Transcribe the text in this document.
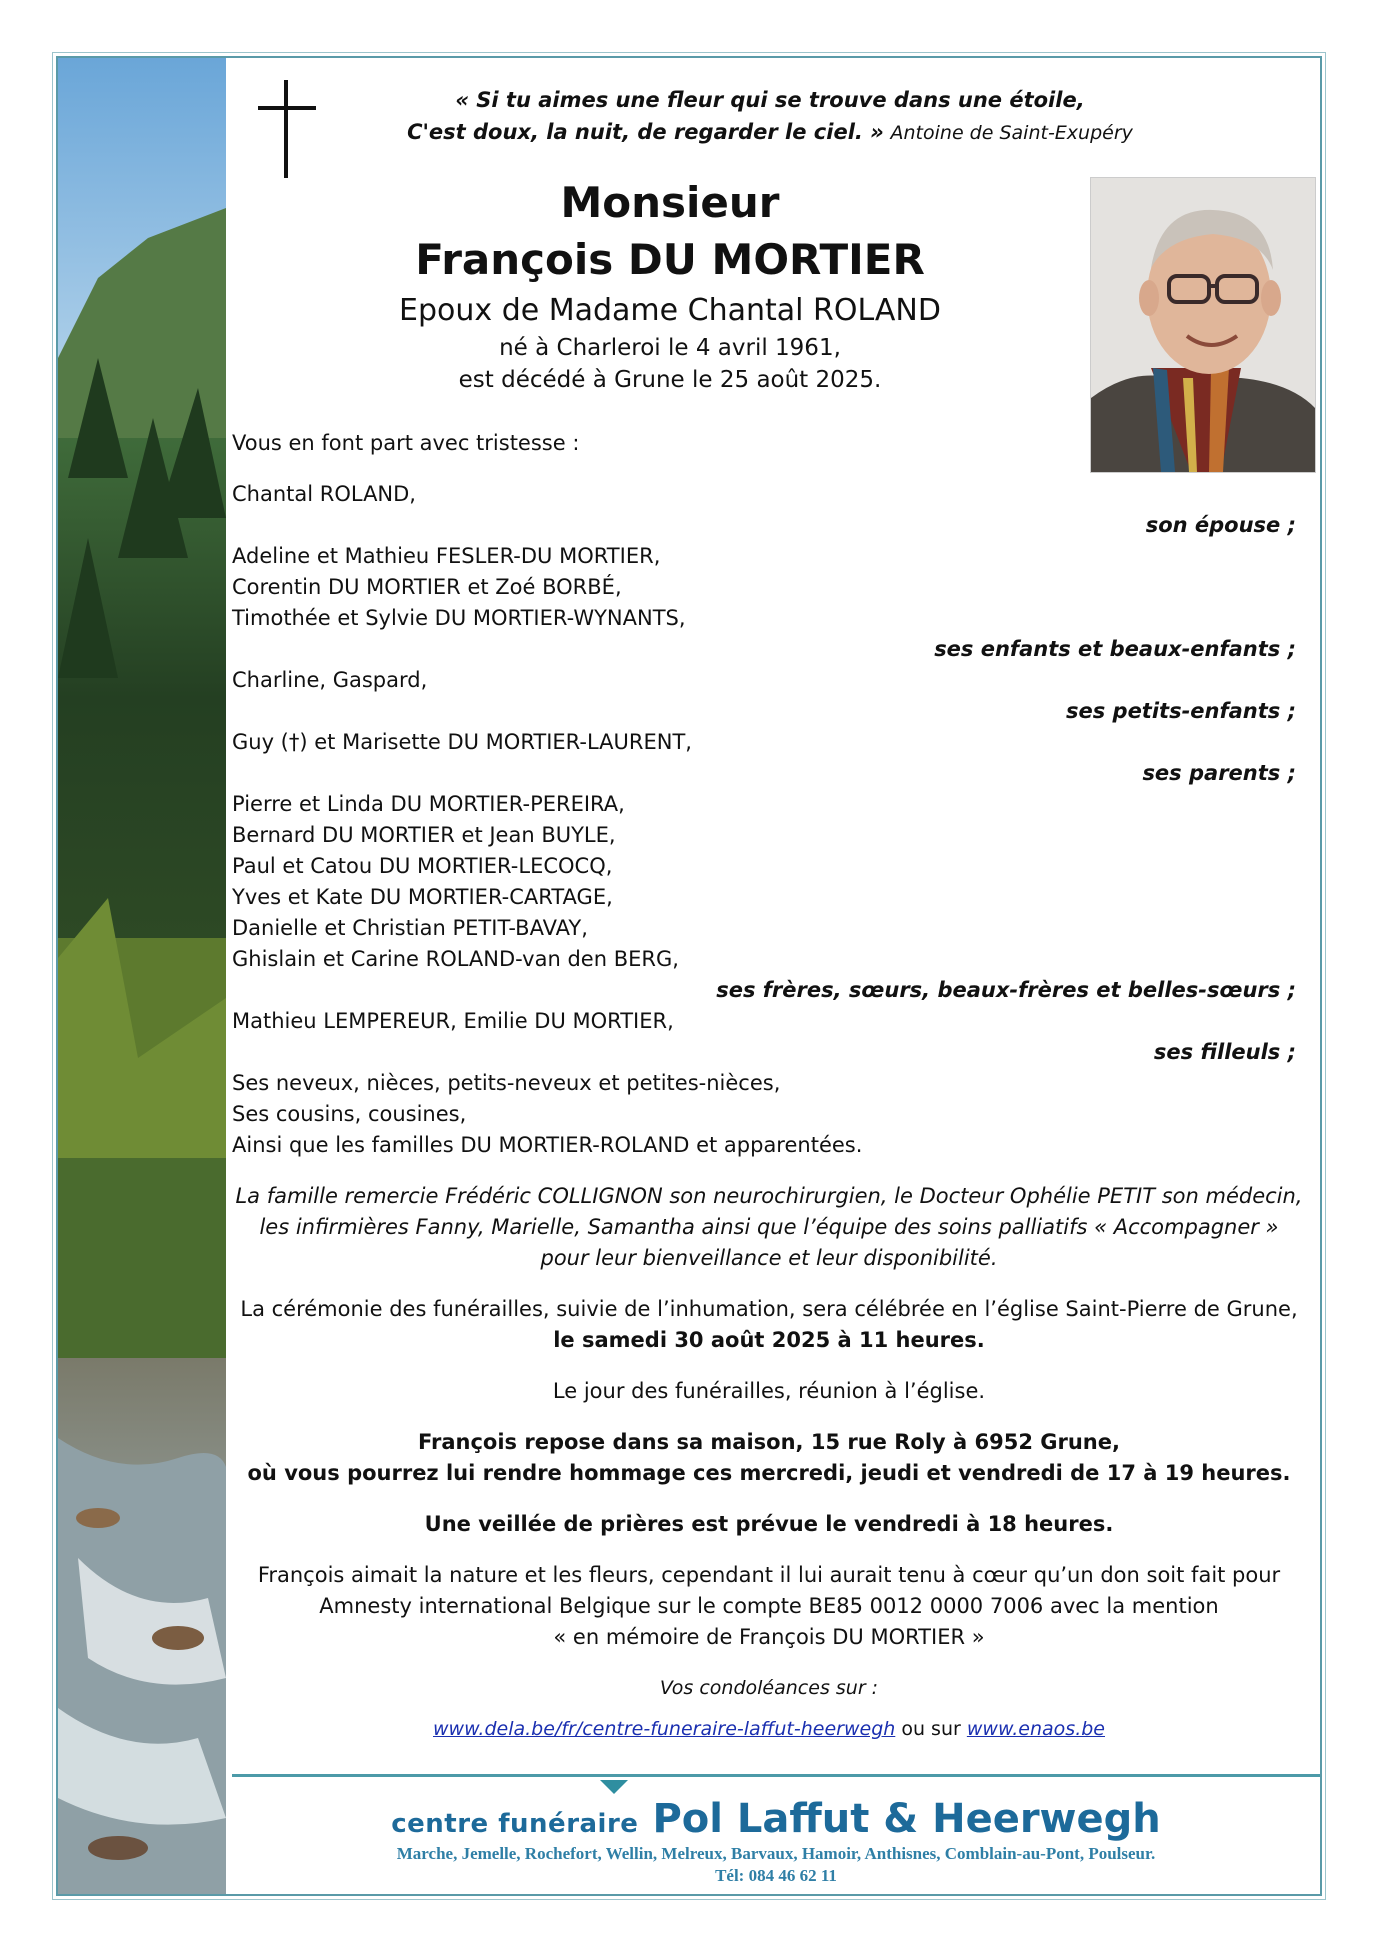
« Si tu aimes une fleur qui se trouve dans une étoile,
C'est doux, la nuit, de regarder le ciel. » Antoine de Saint-Exupéry
Monsieur
François DU MORTIER
Epoux de Madame Chantal ROLAND
né à Charleroi le 4 avril 1961,
est décédé à Grune le 25 août 2025.

Vous en font part avec tristesse :

Chantal ROLAND,

son épouse ;

Adeline et Mathieu FESLER-DU MORTIER,

Corentin DU MORTIER et Zoé BORBÉ,

Timothée et Sylvie DU MORTIER-WYNANTS,

ses enfants et beaux-enfants ;

Charline, Gaspard,

ses petits-enfants ;

Guy (†) et Marisette DU MORTIER-LAURENT,

ses parents ;

Pierre et Linda DU MORTIER-PEREIRA,

Bernard DU MORTIER et Jean BUYLE,

Paul et Catou DU MORTIER-LECOCQ,

Yves et Kate DU MORTIER-CARTAGE,

Danielle et Christian PETIT-BAVAY,

Ghislain et Carine ROLAND-van den BERG,

ses frères, sœurs, beaux-frères et belles-sœurs ;

Mathieu LEMPEREUR, Emilie DU MORTIER,

ses filleuls ;

Ses neveux, nièces, petits-neveux et petites-nièces,

Ses cousins, cousines,

Ainsi que les familles DU MORTIER-ROLAND et apparentées.

La famille remercie Frédéric COLLIGNON son neurochirurgien, le Docteur Ophélie PETIT son médecin,

les infirmières Fanny, Marielle, Samantha ainsi que l’équipe des soins palliatifs « Accompagner »

pour leur bienveillance et leur disponibilité.

La cérémonie des funérailles, suivie de l’inhumation, sera célébrée en l’église Saint-Pierre de Grune,

le samedi 30 août 2025 à 11 heures.

Le jour des funérailles, réunion à l’église.

François repose dans sa maison, 15 rue Roly à 6952 Grune,

où vous pourrez lui rendre hommage ces mercredi, jeudi et vendredi de 17 à 19 heures.

Une veillée de prières est prévue le vendredi à 18 heures.

François aimait la nature et les fleurs, cependant il lui aurait tenu à cœur qu’un don soit fait pour

Amnesty international Belgique sur le compte BE85 0012 0000 7006 avec la mention

« en mémoire de François DU MORTIER »

Vos condoléances sur :

www.dela.be/fr/centre-funeraire-laffut-heerwegh ou sur www.enaos.be

centre funéraire Pol Laffut & Heerwegh
Marche, Jemelle, Rochefort, Wellin, Melreux, Barvaux, Hamoir, Anthisnes, Comblain-au-Pont, Poulseur.
Tél: 084 46 62 11
